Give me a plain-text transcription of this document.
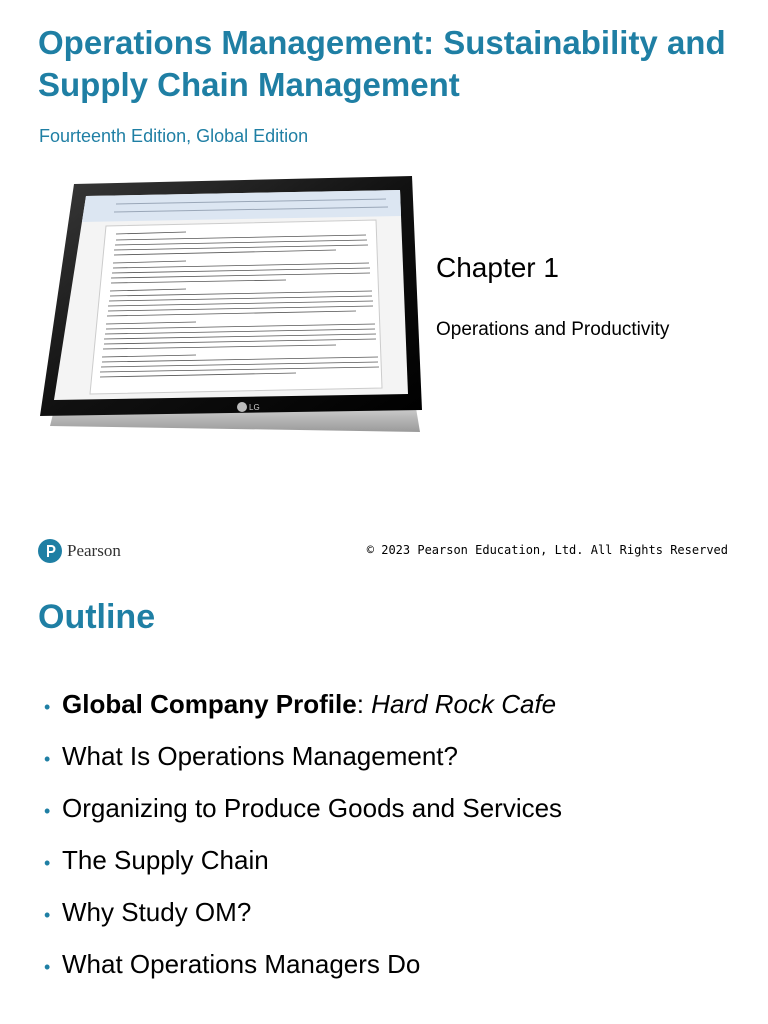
Operations Management: Sustainability and Supply Chain Management

Fourteenth Edition, Global Edition

LG
Chapter 1

Operations and Productivity

Pearson	© 2023 Pearson Education, Ltd. All Rights Reserved

Outline
• Global Company Profile : Hard Rock Cafe
• What Is Operations Management?
• Organizing to Produce Goods and Services
• The Supply Chain
• Why Study OM?
• What Operations Managers Do
